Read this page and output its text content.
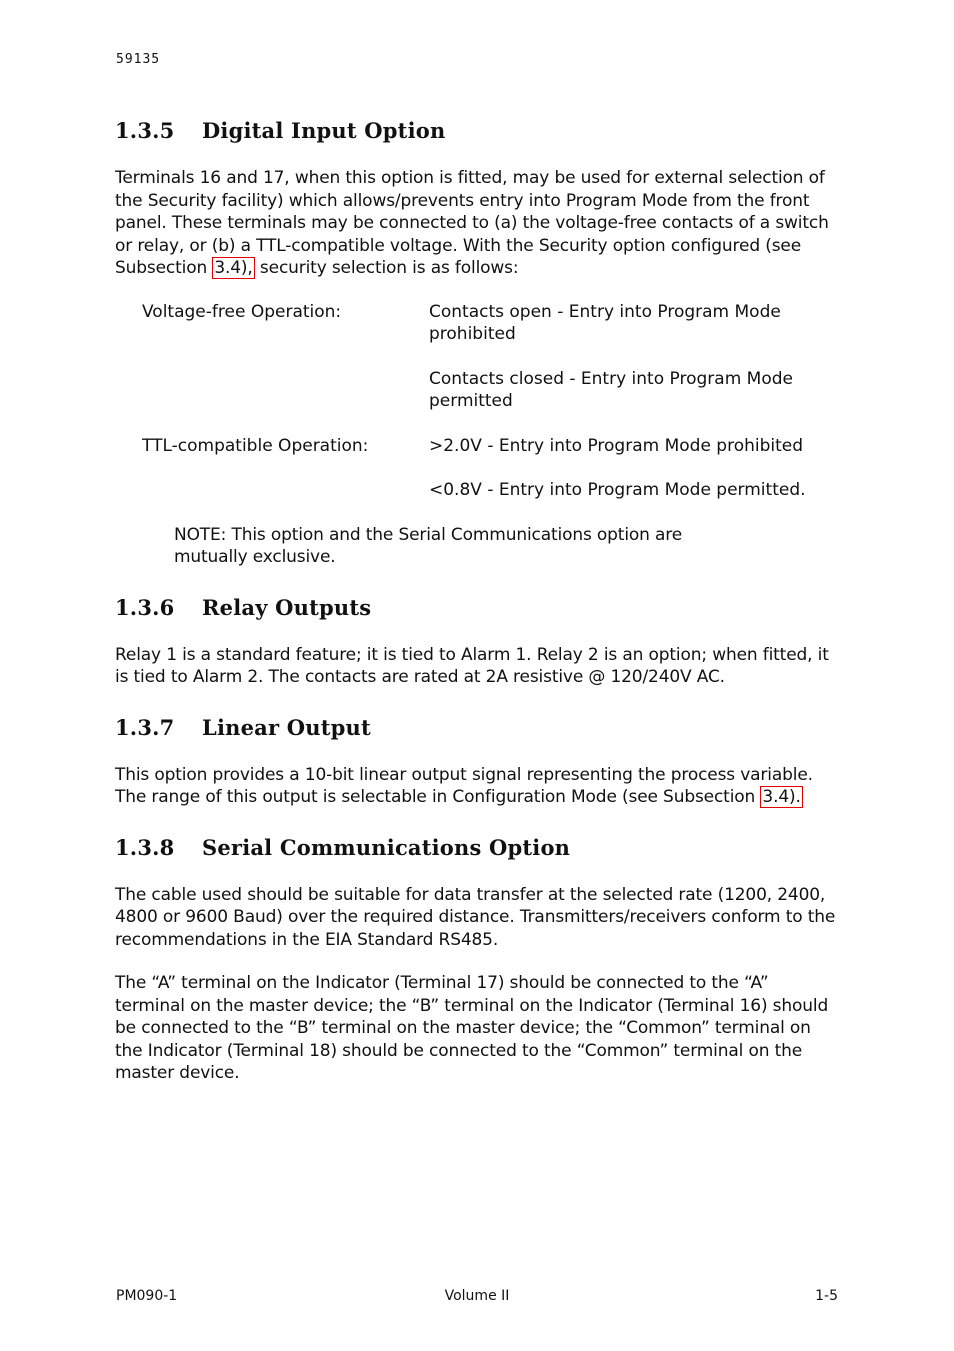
59135
1.3.5 Digital Input Option

Terminals 16 and 17, when this option is fitted, may be used for external selection of the Security facility) which allows/prevents entry into Program Mode from the front panel. These terminals may be connected to (a) the voltage-free contacts of a switch or relay, or (b) a TTL-compatible voltage. With the Security option configured (see Subsection 3.4), security selection is as follows:

Voltage-free Operation:	Contacts open - Entry into Program Mode prohibited
Contacts closed - Entry into Program Mode permitted
TTL-compatible Operation:	>2.0V - Entry into Program Mode prohibited
<0.8V - Entry into Program Mode permitted.

NOTE: This option and the Serial Communications option are mutually exclusive.

1.3.6 Relay Outputs

Relay 1 is a standard feature; it is tied to Alarm 1. Relay 2 is an option; when fitted, it is tied to Alarm 2. The contacts are rated at 2A resistive @ 120/240V AC.

1.3.7 Linear Output

This option provides a 10-bit linear output signal representing the process variable. The range of this output is selectable in Configuration Mode (see Subsection 3.4).

1.3.8 Serial Communications Option

The cable used should be suitable for data transfer at the selected rate (1200, 2400, 4800 or 9600 Baud) over the required distance. Transmitters/receivers conform to the recommendations in the EIA Standard RS485.

The “A” terminal on the Indicator (Terminal 17) should be connected to the “A” terminal on the master device; the “B” terminal on the Indicator (Terminal 16) should be connected to the “B” terminal on the master device; the “Common” terminal on the Indicator (Terminal 18) should be connected to the “Common” terminal on the master device.

PM090-1	Volume II	1-5
